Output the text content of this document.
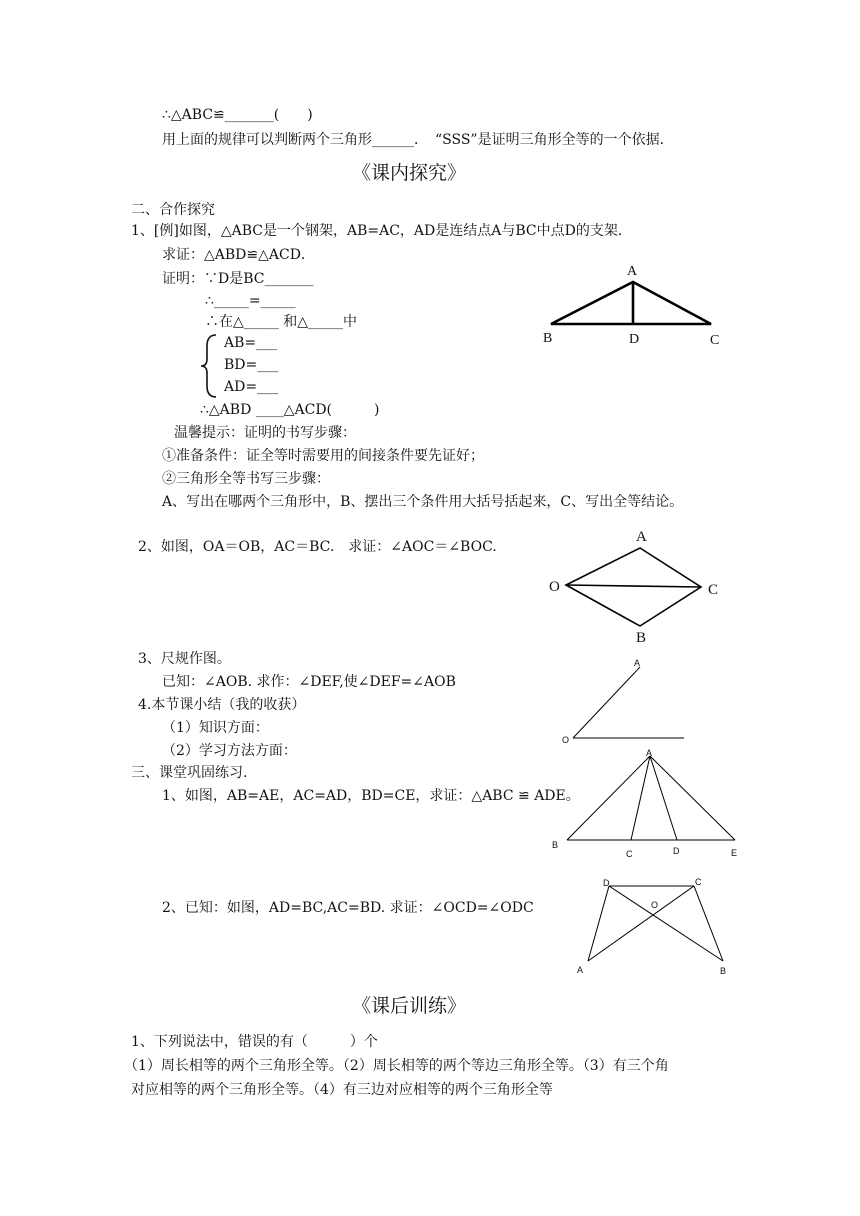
∴△ABC≌_______(　　)
用上面的规律可以判断两个三角形______．　“SSS”是证明三角形全等的一个依据．
《课内探究》
二、合作探究
1、[例]如图，△ABC是一个钢架，AB=AC，AD是连结点A与BC中点D的支架．
求证：△ABD≌△ACD．
证明：∵D是BC_______
∴_____=_____
∴在△_____ 和△_____中
AB=___
BD=___
AD=___
∴△ABD ____△ACD(　　　)
温馨提示：证明的书写步骤：
①准备条件：证全等时需要用的间接条件要先证好；
②三角形全等书写三步骤：
A、写出在哪两个三角形中，B、摆出三个条件用大括号括起来，C、写出全等结论。
2、如图，OA＝OB，AC＝BC.　求证：∠AOC＝∠BOC.
3、尺规作图。
已知：∠AOB. 求作：∠DEF,使∠DEF=∠AOB
4.本节课小结（我的收获）
（1）知识方面：
（2）学习方法方面：
三、课堂巩固练习.
1、如图，AB=AE，AC=AD，BD=CE，求证：△ABC ≌ ADE。
2、已知：如图，AD=BC,AC=BD. 求证：∠OCD=∠ODC
《课后训练》
1、下列说法中，错误的有（　　　）个
（1）周长相等的两个三角形全等。（2）周长相等的两个等边三角形全等。（3）有三个角
对应相等的两个三角形全等。（4）有三边对应相等的两个三角形全等
A
B	D	C
A
O	C
B
A
O
A
B
C	D	E
D	C
O
A	B
